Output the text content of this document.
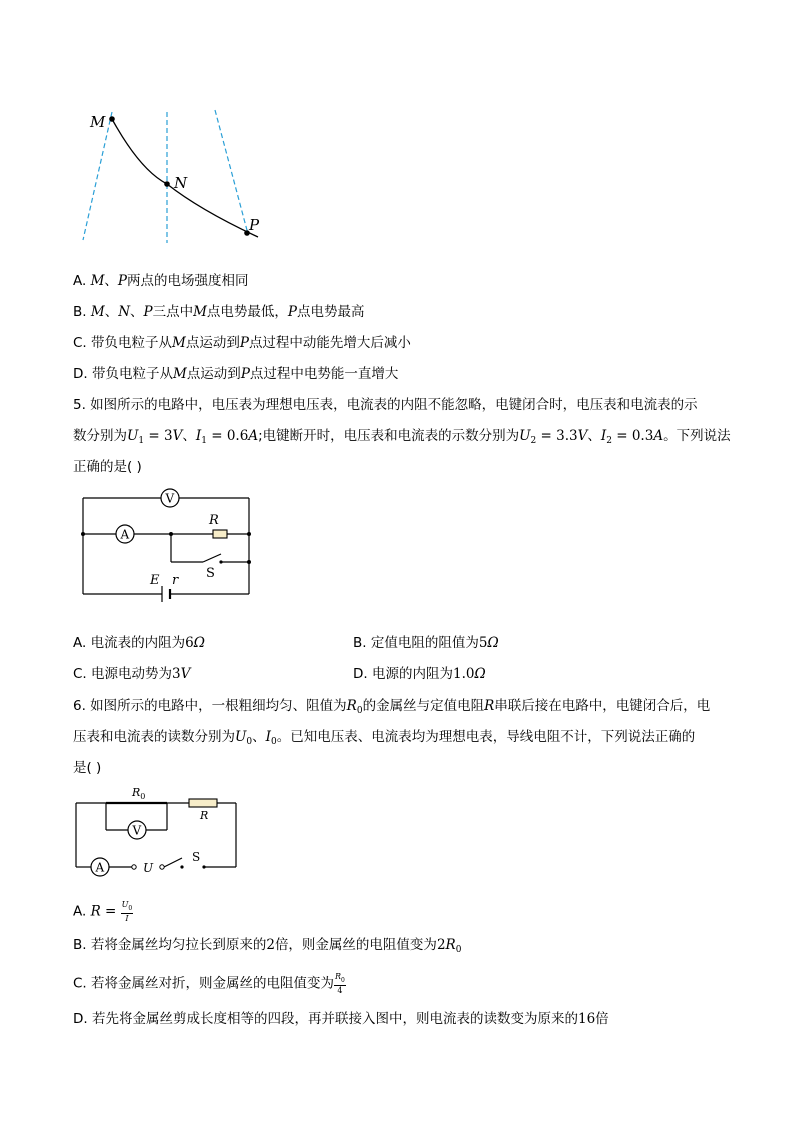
M
N
P
A. M、P两点的电场强度相同
B. M、N、P三点中M点电势最低，P点电势最高
C. 带负电粒子从M点运动到P点过程中动能先增大后减小
D. 带负电粒子从M点运动到P点过程中电势能一直增大
5. 如图所示的电路中，电压表为理想电压表，电流表的内阻不能忽略，电键闭合时，电压表和电流表的示
数分别为$U_1 = 3V$、$I_1 = 0.6A$;电键断开时，电压表和电流表的示数分别为$U_2 = 3.3V$、$I_2 = 0.3A$。下列说法
正确的是( )
V
A
R
S
E r
A. 电流表的内阻为6Ω	B. 定值电阻的阻值为5Ω
C. 电源电动势为3V	D. 电源的内阻为1.0Ω
6. 如图所示的电路中，一根粗细均匀、阻值为$R_0$的金属丝与定值电阻R串联后接在电路中，电键闭合后，电
压表和电流表的读数分别为$U_0$、$I_0$。已知电压表、电流表均为理想电表，导线电阻不计，下列说法正确的
是( )
V
A	U
$R_0$
R
S
A. $R = \frac{U_0}{I}$
B. 若将金属丝均匀拉长到原来的2倍，则金属丝的电阻值变为$2R_0$
C. 若将金属丝对折，则金属丝的电阻值变为 $\frac{R_0}{4}$
D. 若先将金属丝剪成长度相等的四段，再并联接入图中，则电流表的读数变为原来的16倍
